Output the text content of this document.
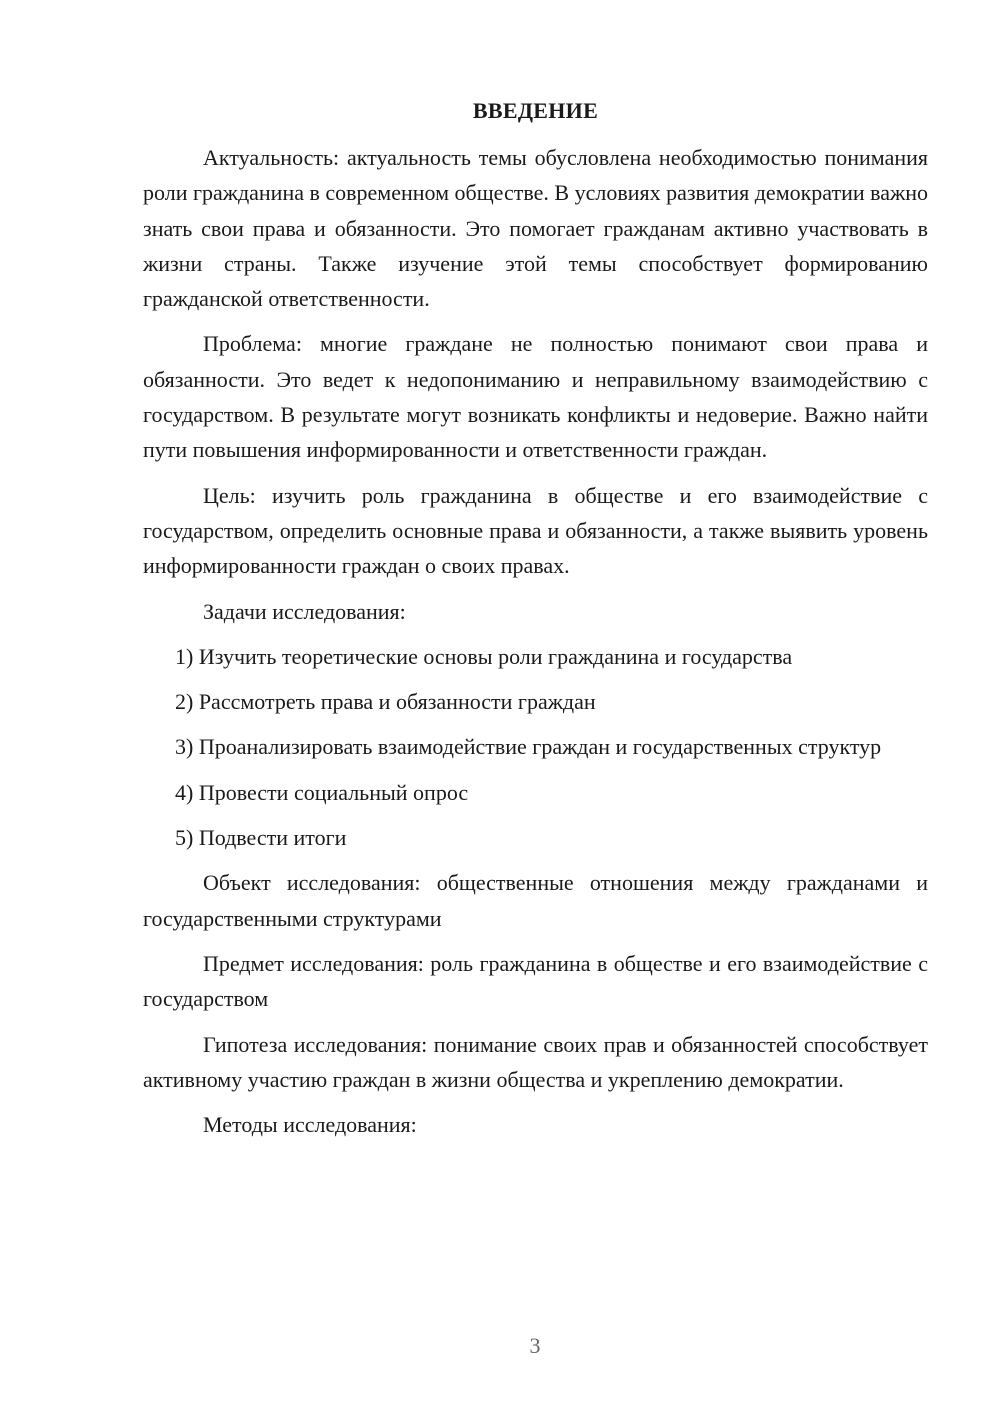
ВВЕДЕНИЕ

Актуальность: актуальность темы обусловлена необходимостью понимания роли гражданина в современном обществе. В условиях развития демократии важно знать свои права и обязанности. Это помогает гражданам активно участвовать в жизни страны. Также изучение этой темы способствует формированию гражданской ответственности.

Проблема: многие граждане не полностью понимают свои права и обязанности. Это ведет к недопониманию и неправильному взаимодействию с государством. В результате могут возникать конфликты и недоверие. Важно найти пути повышения информированности и ответственности граждан.

Цель: изучить роль гражданина в обществе и его взаимодействие с государством, определить основные права и обязанности, а также выявить уровень информированности граждан о своих правах.

Задачи исследования:

1) Изучить теоретические основы роли гражданина и государства

2) Рассмотреть права и обязанности граждан

3) Проанализировать взаимодействие граждан и государственных структур

4) Провести социальный опрос

5) Подвести итоги

Объект исследования: общественные отношения между гражданами и государственными структурами

Предмет исследования: роль гражданина в обществе и его взаимодействие с государством

Гипотеза исследования: понимание своих прав и обязанностей способствует активному участию граждан в жизни общества и укреплению демократии.

Методы исследования:

3
